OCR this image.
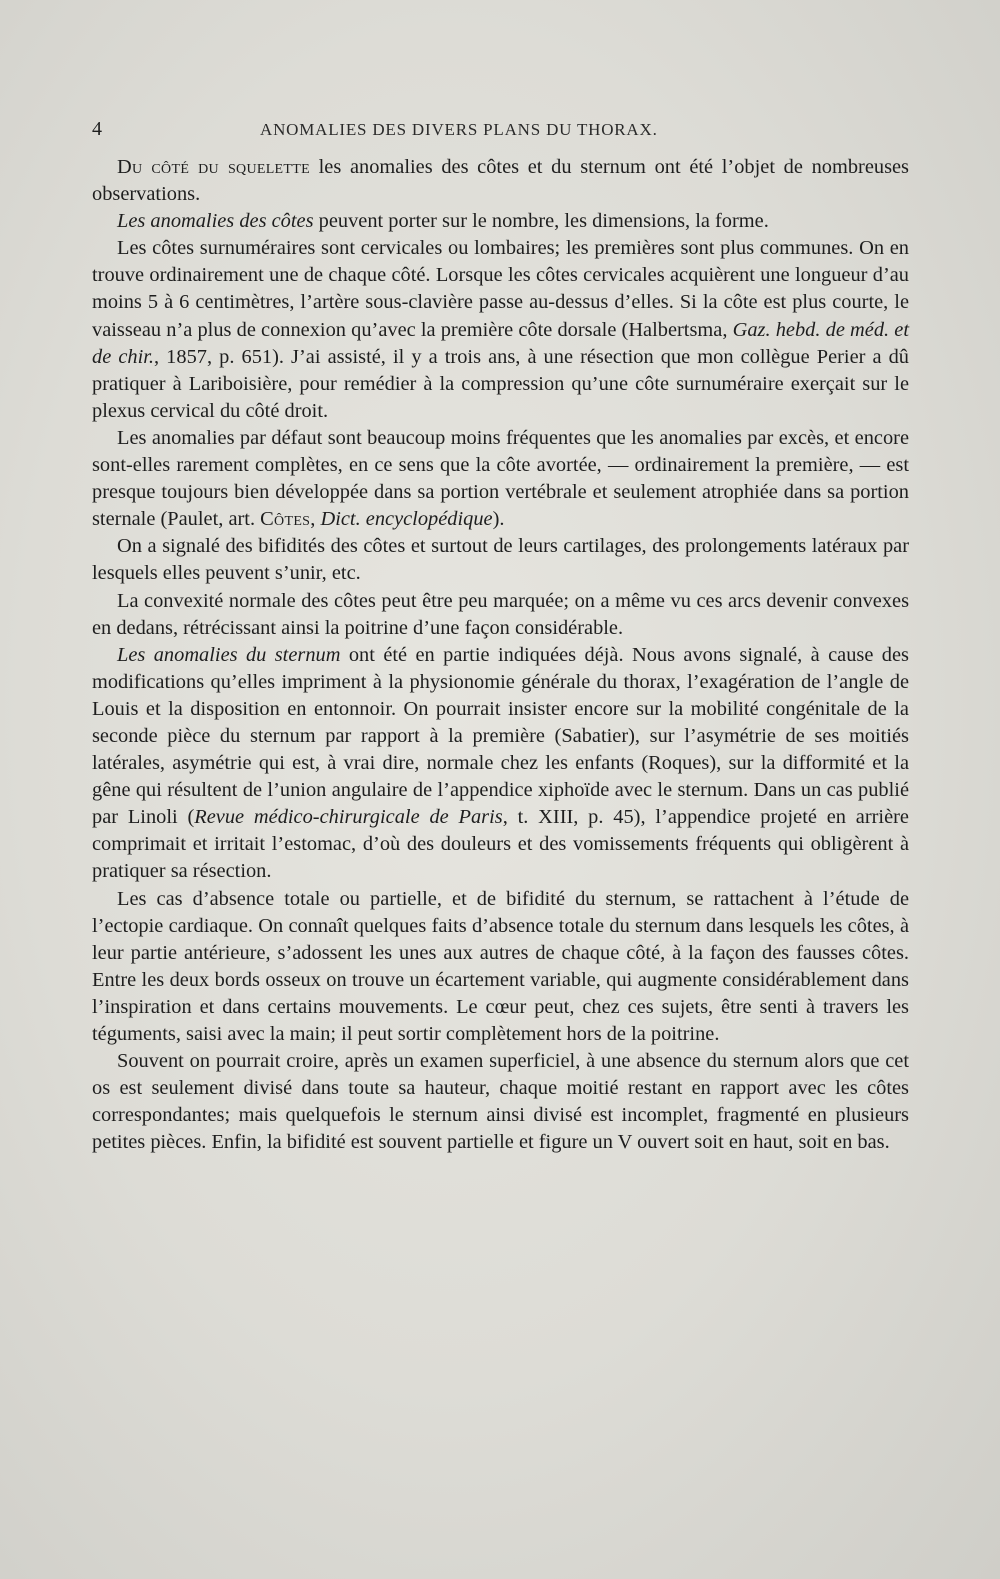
4	ANOMALIES DES DIVERS PLANS DU THORAX.

Du côté du squelette les anomalies des côtes et du sternum ont été l’objet de nombreuses observations.

Les anomalies des côtes peuvent porter sur le nombre, les dimensions, la forme.

Les côtes surnuméraires sont cervicales ou lombaires; les premières sont plus communes. On en trouve ordinairement une de chaque côté. Lorsque les côtes cervicales acquièrent une longueur d’au moins 5 à 6 centimètres, l’artère sous-clavière passe au-dessus d’elles. Si la côte est plus courte, le vaisseau n’a plus de connexion qu’avec la première côte dorsale (Halbertsma, Gaz. hebd. de méd. et de chir., 1857, p. 651). J’ai assisté, il y a trois ans, à une résection que mon collègue Perier a dû pratiquer à Lariboisière, pour remédier à la compression qu’une côte surnuméraire exerçait sur le plexus cervical du côté droit.

Les anomalies par défaut sont beaucoup moins fréquentes que les anomalies par excès, et encore sont-elles rarement complètes, en ce sens que la côte avortée, — ordinairement la première, — est presque toujours bien développée dans sa portion vertébrale et seulement atrophiée dans sa portion sternale (Paulet, art. Côtes, Dict. encyclopédique).

On a signalé des bifidités des côtes et surtout de leurs cartilages, des prolongements latéraux par lesquels elles peuvent s’unir, etc.

La convexité normale des côtes peut être peu marquée; on a même vu ces arcs devenir convexes en dedans, rétrécissant ainsi la poitrine d’une façon considérable.

Les anomalies du sternum ont été en partie indiquées déjà. Nous avons signalé, à cause des modifications qu’elles impriment à la physionomie générale du thorax, l’exagération de l’angle de Louis et la disposition en entonnoir. On pourrait insister encore sur la mobilité congénitale de la seconde pièce du sternum par rapport à la première (Sabatier), sur l’asymétrie de ses moitiés latérales, asymétrie qui est, à vrai dire, normale chez les enfants (Roques), sur la difformité et la gêne qui résultent de l’union angulaire de l’appendice xiphoïde avec le sternum. Dans un cas publié par Linoli (Revue médico-chirurgicale de Paris, t. XIII, p. 45), l’appendice projeté en arrière comprimait et irritait l’estomac, d’où des douleurs et des vomissements fréquents qui obligèrent à pratiquer sa résection.

Les cas d’absence totale ou partielle, et de bifidité du sternum, se rattachent à l’étude de l’ectopie cardiaque. On connaît quelques faits d’absence totale du sternum dans lesquels les côtes, à leur partie antérieure, s’adossent les unes aux autres de chaque côté, à la façon des fausses côtes. Entre les deux bords osseux on trouve un écartement variable, qui augmente considérablement dans l’inspiration et dans certains mouvements. Le cœur peut, chez ces sujets, être senti à travers les téguments, saisi avec la main; il peut sortir complètement hors de la poitrine.

Souvent on pourrait croire, après un examen superficiel, à une absence du sternum alors que cet os est seulement divisé dans toute sa hauteur, chaque moitié restant en rapport avec les côtes correspondantes; mais quelquefois le sternum ainsi divisé est incomplet, fragmenté en plusieurs petites pièces. Enfin, la bifidité est souvent partielle et figure un V ouvert soit en haut, soit en bas.
